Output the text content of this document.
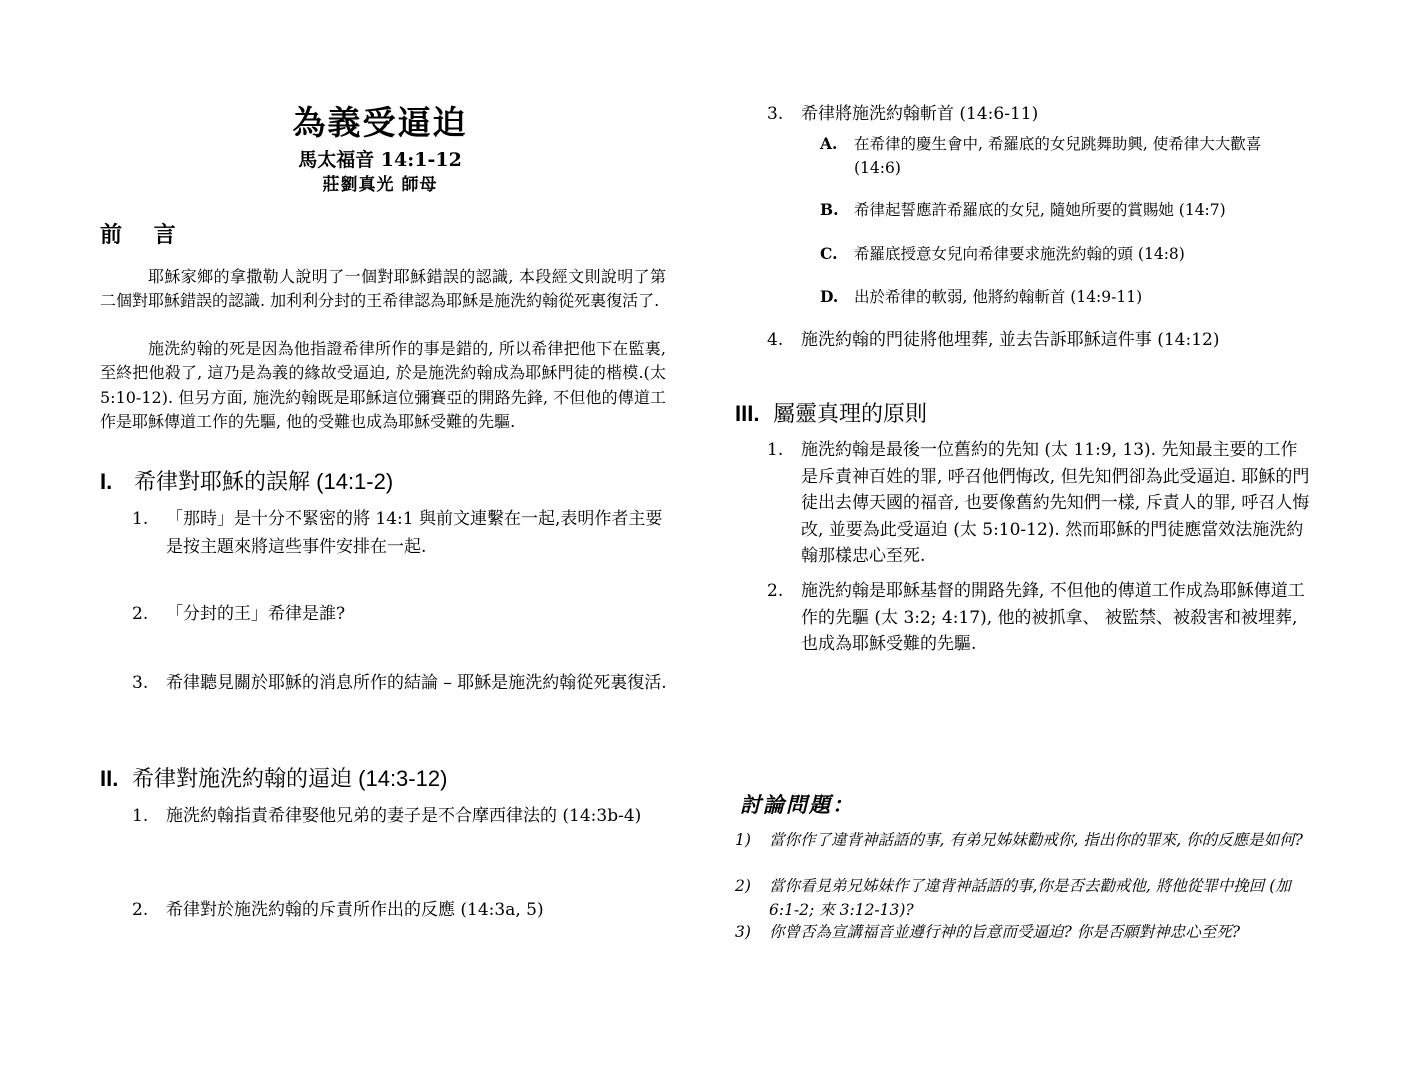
為義受逼迫
馬太福音 14:1-12
莊劉真光 師母
前 言
耶穌家鄉的拿撒勒人說明了一個對耶穌錯誤的認識, 本段經文則說明了第二個對耶穌錯誤的認識. 加利利分封的王希律認為耶穌是施洗約翰從死裏復活了.
施洗約翰的死是因為他指證希律所作的事是錯的, 所以希律把他下在監裏, 至終把他殺了, 這乃是為義的緣故受逼迫, 於是施洗約翰成為耶穌門徒的楷模.(太 5:10-12). 但另方面, 施洗約翰既是耶穌這位彌賽亞的開路先鋒, 不但他的傳道工作是耶穌傳道工作的先驅, 他的受難也成為耶穌受難的先驅.
I. 希律對耶穌的誤解 (14:1-2)
1. 「那時」是十分不緊密的將 14:1 與前文連繫在一起,表明作者主要是按主題來將這些事件安排在一起.
2. 「分封的王」希律是誰?
3. 希律聽見關於耶穌的消息所作的結論 – 耶穌是施洗約翰從死裏復活.
II. 希律對施洗約翰的逼迫 (14:3-12)
1. 施洗約翰指責希律娶他兄弟的妻子是不合摩西律法的 (14:3b-4)
2. 希律對於施洗約翰的斥責所作出的反應 (14:3a, 5)
3. 希律將施洗約翰斬首 (14:6-11)
A. 在希律的慶生會中, 希羅底的女兒跳舞助興, 使希律大大歡喜 (14:6)
B. 希律起誓應許希羅底的女兒, 隨她所要的賞賜她 (14:7)
C. 希羅底授意女兒向希律要求施洗約翰的頭 (14:8)
D. 出於希律的軟弱, 他將約翰斬首 (14:9-11)
4. 施洗約翰的門徒將他埋葬, 並去告訴耶穌這件事 (14:12)
III. 屬靈真理的原則
1. 施洗約翰是最後一位舊約的先知 (太 11:9, 13). 先知最主要的工作是斥責神百姓的罪, 呼召他們悔改, 但先知們卻為此受逼迫. 耶穌的門徒出去傳天國的福音, 也要像舊約先知們一樣, 斥責人的罪, 呼召人悔改, 並要為此受逼迫 (太 5:10-12). 然而耶穌的門徒應當效法施洗約翰那樣忠心至死.
2. 施洗約翰是耶穌基督的開路先鋒, 不但他的傳道工作成為耶穌傳道工作的先驅 (太 3:2; 4:17), 他的被抓拿、 被監禁、被殺害和被埋葬, 也成為耶穌受難的先驅.
討論問題：
1) 當你作了違背神話語的事, 有弟兄姊妹勸戒你, 指出你的罪來, 你的反應是如何?
2) 當你看見弟兄姊妹作了違背神話語的事,你是否去勸戒他, 將他從罪中挽回 (加 6:1-2; 來 3:12-13)?
3) 你曾否為宣講福音並遵行神的旨意而受逼迫? 你是否願對神忠心至死?
